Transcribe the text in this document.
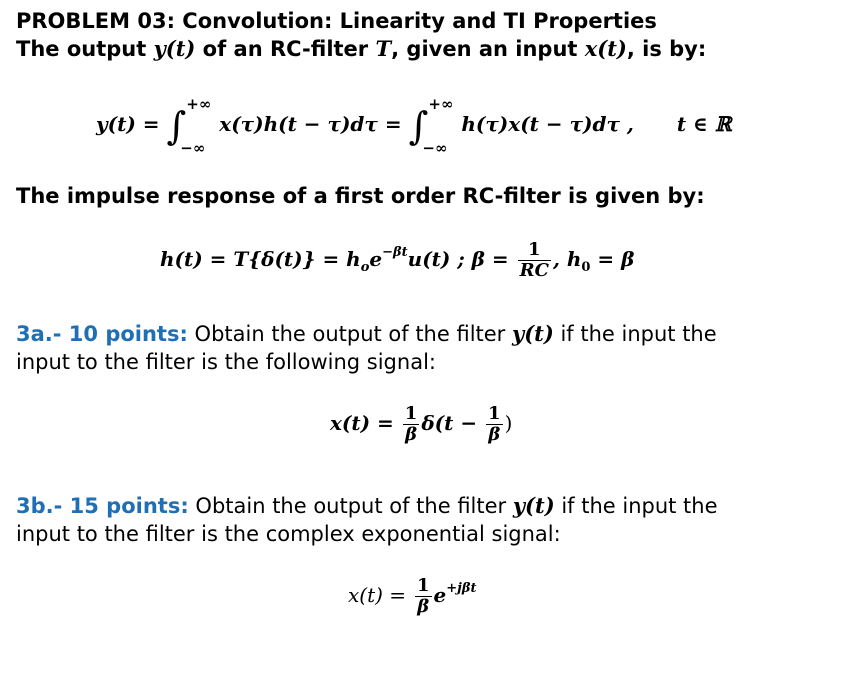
PROBLEM 03: Convolution: Linearity and TI Properties
The output y(t) of an RC-filter T, given an input x(t), is by:
y(t) = ∫
+∞
−∞
x(τ)h(t − τ)dτ = ∫
+∞
−∞
h(τ)x(t − τ)dτ , t ∈ ℝ
The impulse response of a first order RC-filter is given by:
$h(t) = T\{\delta(t)\} = h_oe^{-\beta t}u(t)$ ; $\beta = \frac{1}{RC}$ , $h_0 = \beta$
3a.- 10 points: Obtain the output of the filter y(t) if the input the
input to the filter is the following signal:
$x(t) = \frac{1}{\beta} \delta(t - \frac{1}{\beta}$ )
3b.- 15 points: Obtain the output of the filter y(t) if the input the
input to the filter is the complex exponential signal:
$x(t) = \frac{1}{\beta} e^{+j\beta t}$
